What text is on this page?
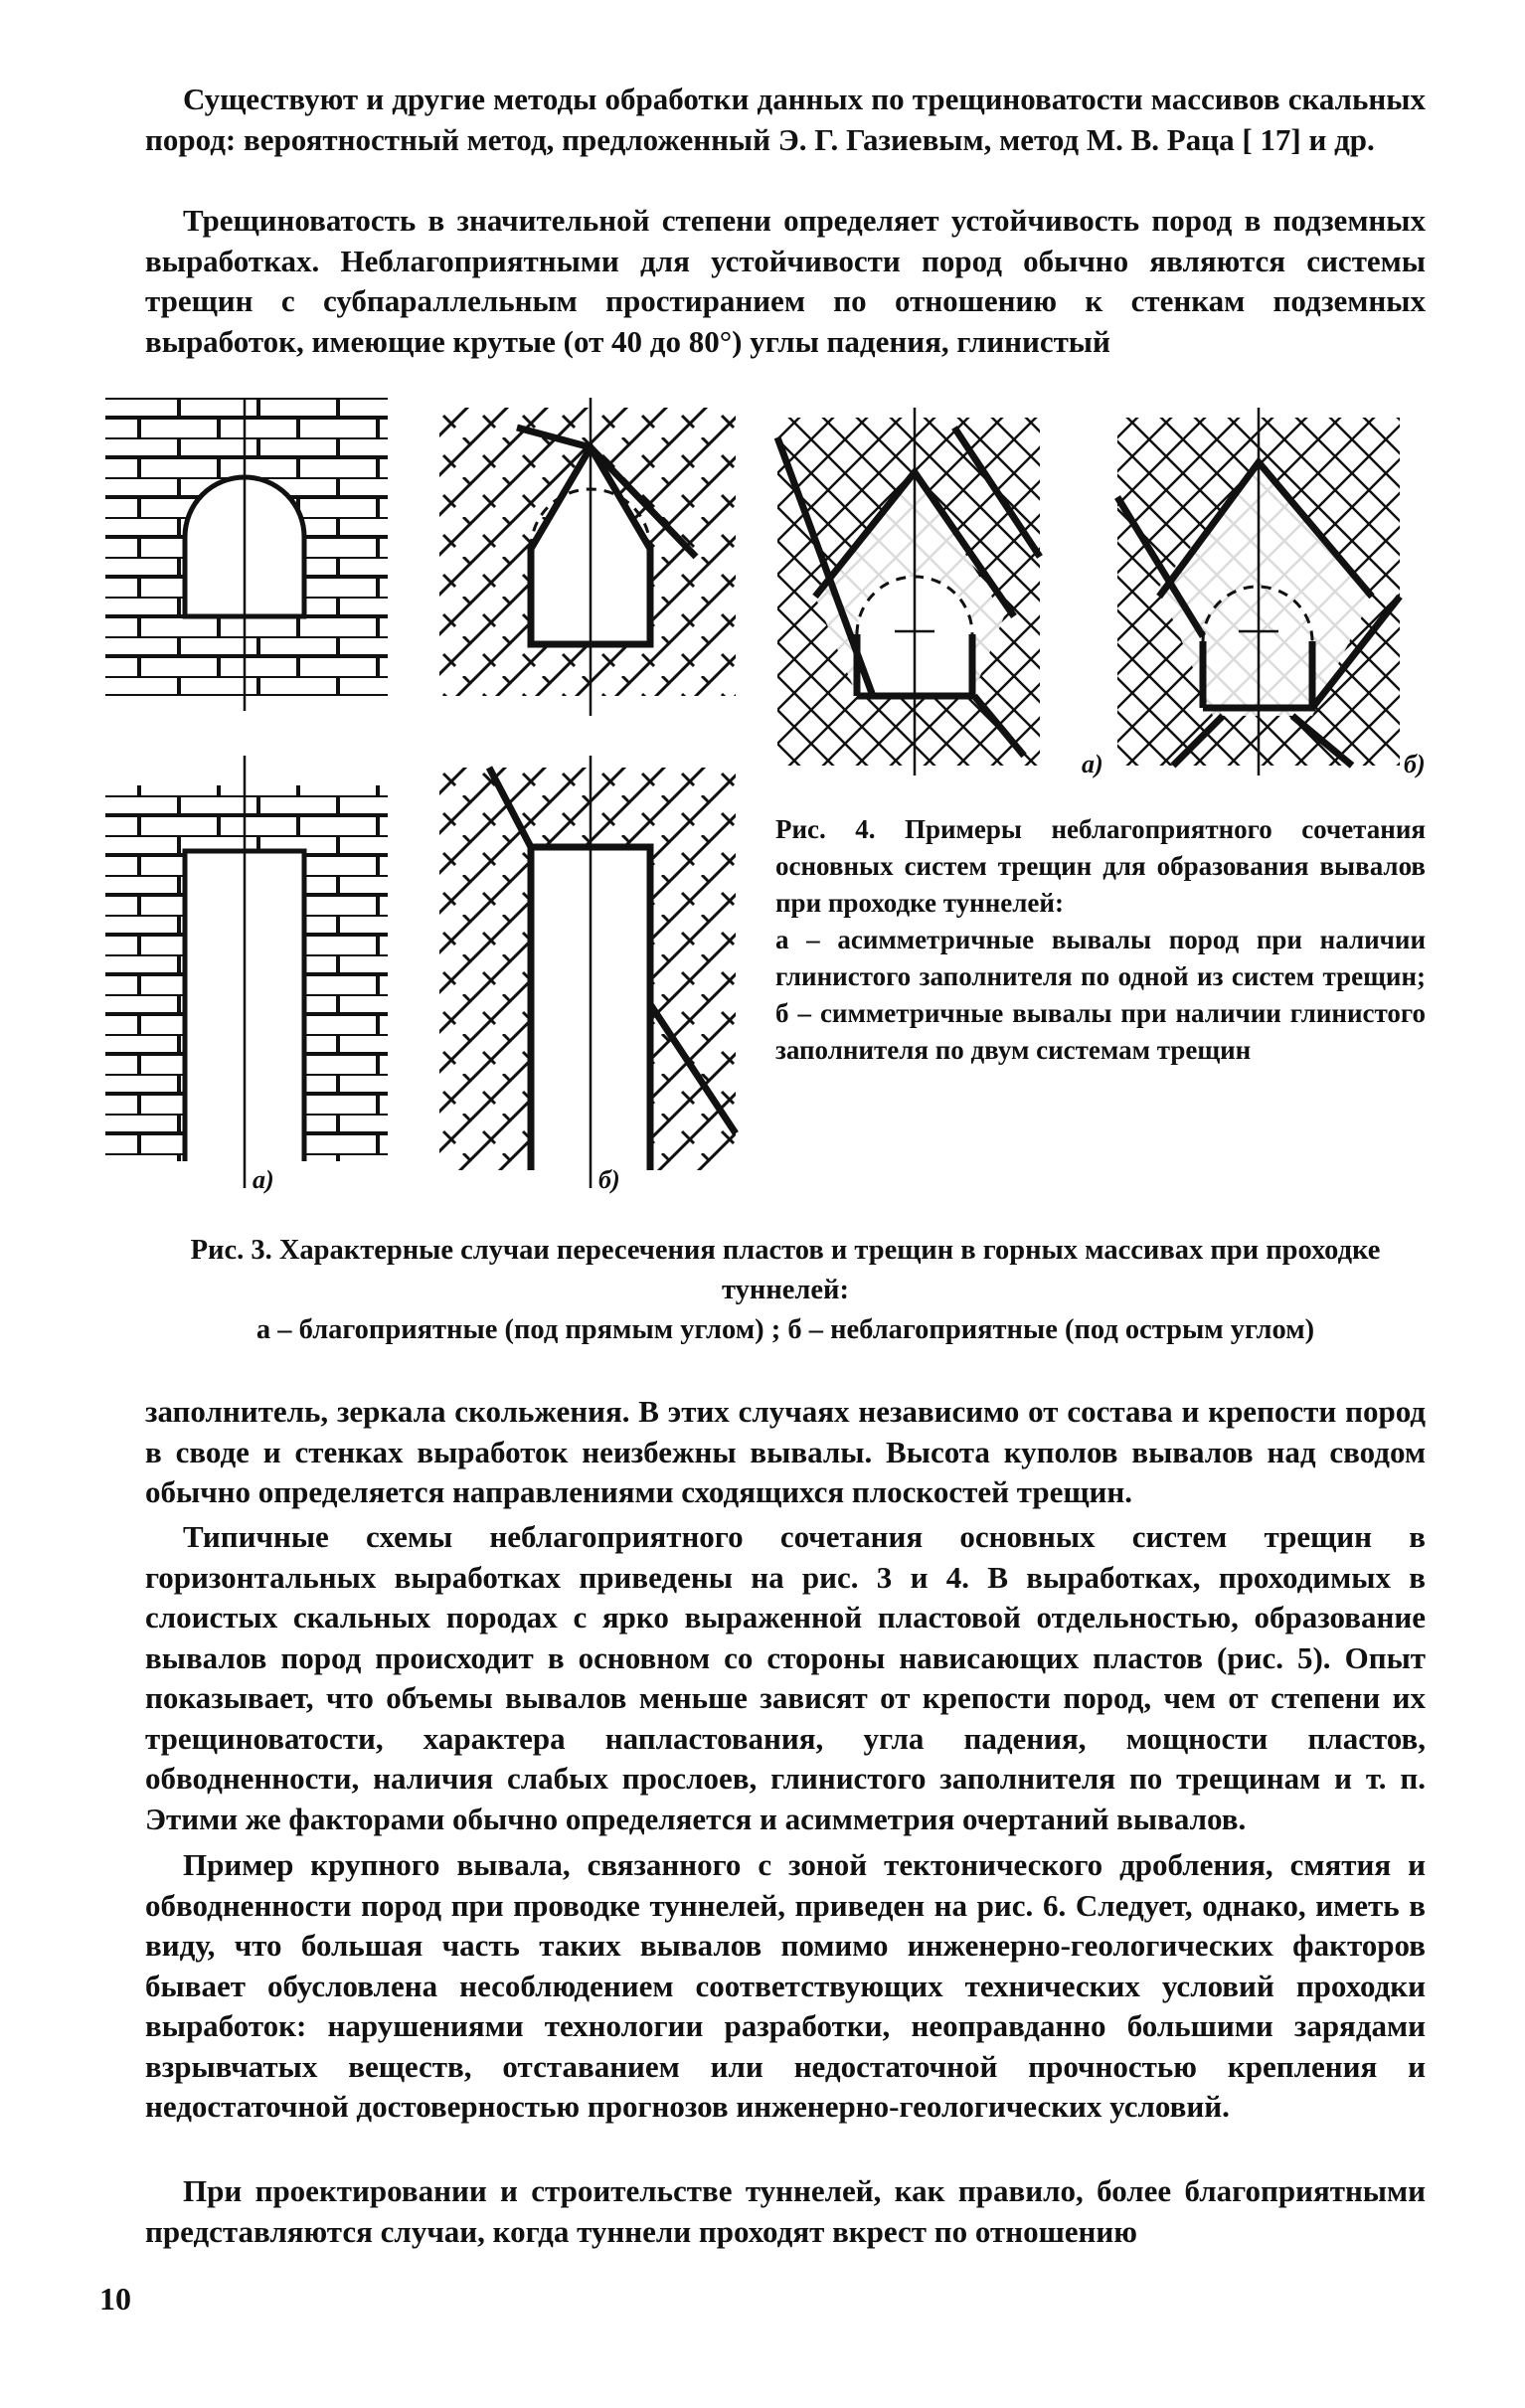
Существуют и другие методы обработки данных по трещиноватости массивов скальных пород: вероятностный метод, предложенный Э. Г. Газиевым, метод М. В. Раца [ 17] и др.
Трещиноватость в значительной степени определяет устойчивость пород в подземных выработках. Неблагоприятными для устойчивости пород обычно являются системы трещин с субпараллельным простиранием по отношению к стенкам подземных выработок, имеющие крутые (от 40 до 80°) углы падения, глинистый
а)	б)
а)	б)
Рис. 4. Примеры неблагоприятного сочетания основных систем трещин для образования вывалов при проходке туннелей:
а – асимметричные вывалы пород при наличии глинистого заполнителя по одной из систем трещин; б – симметричные вывалы при наличии глинистого заполнителя по двум системам трещин
Рис. 3. Характерные случаи пересечения пластов и трещин в горных массивах при проходке туннелей:
а – благоприятные (под прямым углом) ; б – неблагоприятные (под острым углом)
заполнитель, зеркала скольжения. В этих случаях независимо от состава и крепости пород в своде и стенках выработок неизбежны вывалы. Высота куполов вывалов над сводом обычно определяется направлениями сходящихся плоскостей трещин.
Типичные схемы неблагоприятного сочетания основных систем трещин в горизонтальных выработках приведены на рис. 3 и 4. В выработках, проходимых в слоистых скальных породах с ярко выраженной пластовой отдельностью, образование вывалов пород происходит в основном со стороны нависающих пластов (рис. 5). Опыт показывает, что объемы вывалов меньше зависят от крепости пород, чем от степени их трещиноватости, характера напластования, угла падения, мощности пластов, обводненности, наличия слабых прослоев, глинистого заполнителя по трещинам и т. п. Этими же факторами обычно определяется и асимметрия очертаний вывалов.
Пример крупного вывала, связанного с зоной тектонического дробления, смятия и обводненности пород при проводке туннелей, приведен на рис. 6. Следует, однако, иметь в виду, что большая часть таких вывалов помимо инженерно-геологических факторов бывает обусловлена несоблюдением соответствующих технических условий проходки выработок: нарушениями технологии разработки, неоправданно большими зарядами взрывчатых веществ, отставанием или недостаточной прочностью крепления и недостаточной достоверностью прогнозов инженерно-геологических условий.
При проектировании и строительстве туннелей, как правило, более благоприятными представляются случаи, когда туннели проходят вкрест по отношению
10
